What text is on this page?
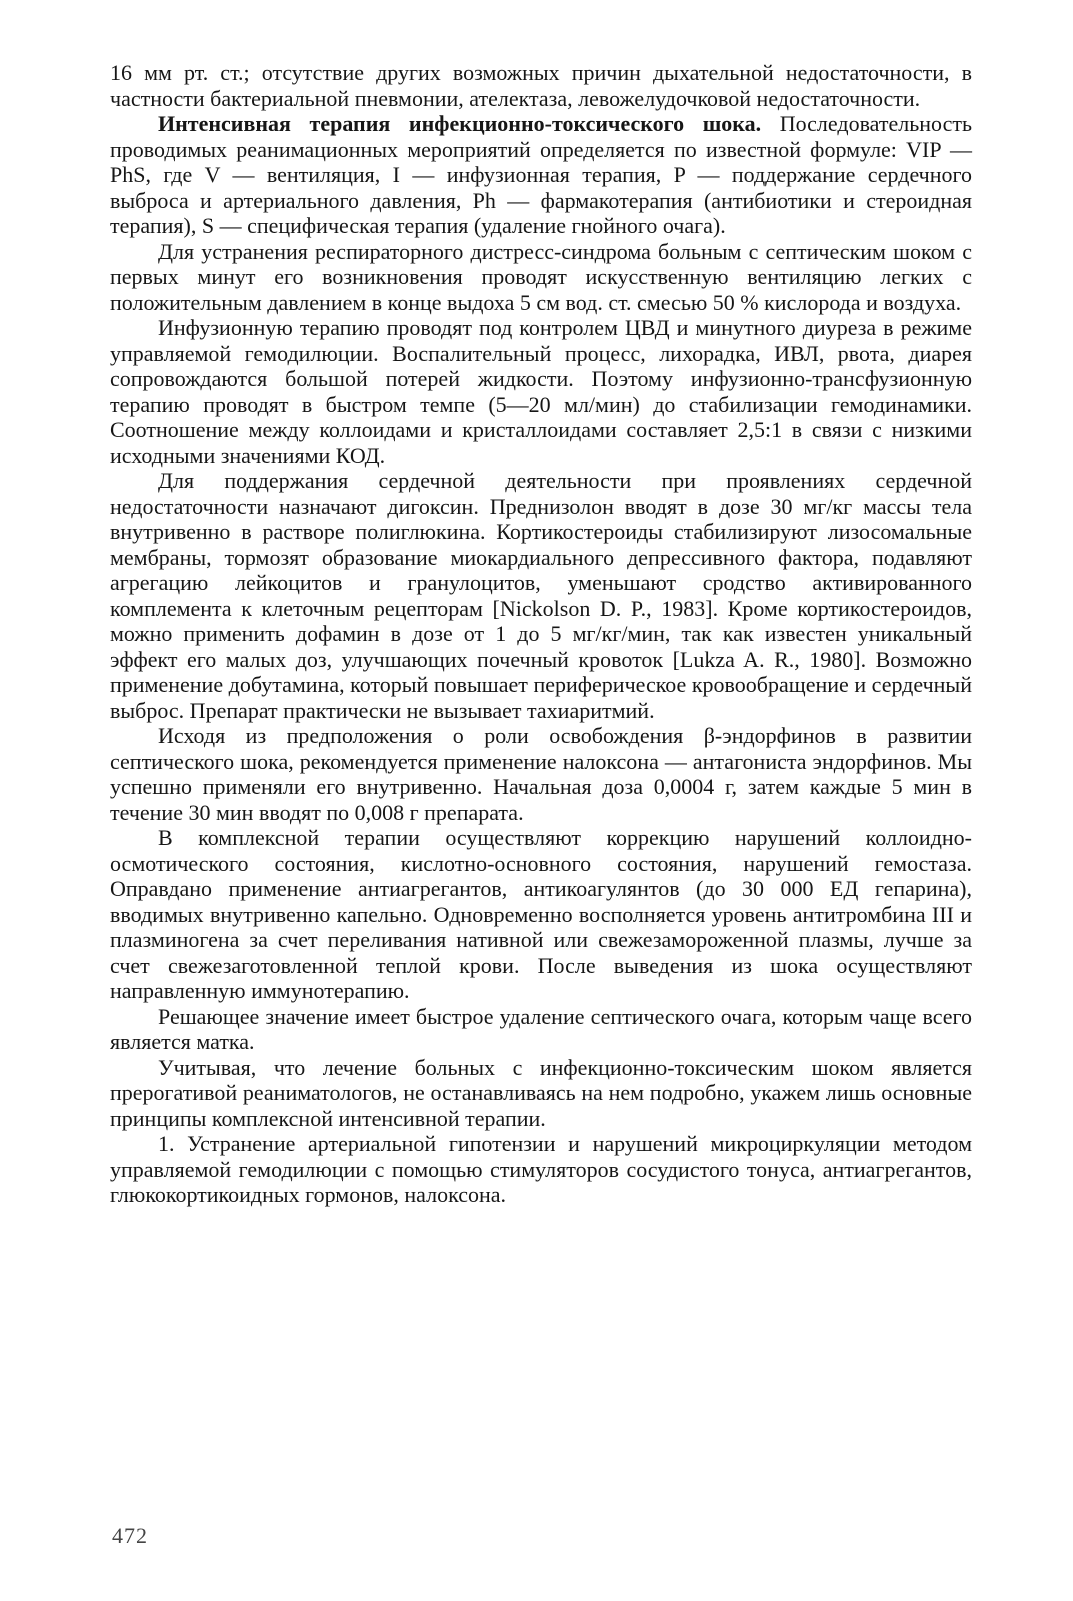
16 мм рт. ст.; отсутствие других возможных причин дыхательной недостаточности, в частности бактериальной пневмонии, ателектаза, левожелудочковой недостаточности.

Интенсивная терапия инфекционно-токсического шока. Последовательность проводимых реанимационных мероприятий определяется по известной формуле: VIP — PhS, где V — вентиляция, I — инфузионная терапия, P — поддержание сердечного выброса и артериального давления, Ph — фармакотерапия (антибиотики и стероидная терапия), S — специфическая терапия (удаление гнойного очага).

Для устранения респираторного дистресс-синдрома больным с септическим шоком с первых минут его возникновения проводят искусственную вентиляцию легких с положительным давлением в конце выдоха 5 см вод. ст. смесью 50 % кислорода и воздуха.

Инфузионную терапию проводят под контролем ЦВД и минутного диуреза в режиме управляемой гемодилюции. Воспалительный процесс, лихорадка, ИВЛ, рвота, диарея сопровождаются большой потерей жидкости. Поэтому инфузионно-трансфузионную терапию проводят в быстром темпе (5—20 мл/мин) до стабилизации гемодинамики. Соотношение между коллоидами и кристаллоидами составляет 2,5:1 в связи с низкими исходными значениями КОД.

Для поддержания сердечной деятельности при проявлениях сердечной недостаточности назначают дигоксин. Преднизолон вводят в дозе 30 мг/кг массы тела внутривенно в растворе полиглюкина. Кортикостероиды стабилизируют лизосомальные мембраны, тормозят образование миокардиального депрессивного фактора, подавляют агрегацию лейкоцитов и гранулоцитов, уменьшают сродство активированного комплемента к клеточным рецепторам [Nickolson D. P., 1983]. Кроме кортикостероидов, можно применить дофамин в дозе от 1 до 5 мг/кг/мин, так как известен уникальный эффект его малых доз, улучшающих почечный кровоток [Lukza A. R., 1980]. Возможно применение добутамина, который повышает периферическое кровообращение и сердечный выброс. Препарат практически не вызывает тахиаритмий.

Исходя из предположения о роли освобождения β-эндорфинов в развитии септического шока, рекомендуется применение налоксона — антагониста эндорфинов. Мы успешно применяли его внутривенно. Начальная доза 0,0004 г, затем каждые 5 мин в течение 30 мин вводят по 0,008 г препарата.

В комплексной терапии осуществляют коррекцию нарушений коллоидно-осмотического состояния, кислотно-основного состояния, нарушений гемостаза. Оправдано применение антиагрегантов, антикоагулянтов (до 30 000 ЕД гепарина), вводимых внутривенно капельно. Одновременно восполняется уровень антитромбина III и плазминогена за счет переливания нативной или свежезамороженной плазмы, лучше за счет свежезаготовленной теплой крови. После выведения из шока осуществляют направленную иммунотерапию.

Решающее значение имеет быстрое удаление септического очага, которым чаще всего является матка.

Учитывая, что лечение больных с инфекционно-токсическим шоком является прерогативой реаниматологов, не останавливаясь на нем подробно, укажем лишь основные принципы комплексной интенсивной терапии.

1. Устранение артериальной гипотензии и нарушений микроциркуляции методом управляемой гемодилюции с помощью стимуляторов сосудистого тонуса, антиагрегантов, глюкокортикоидных гормонов, налоксона.

472
